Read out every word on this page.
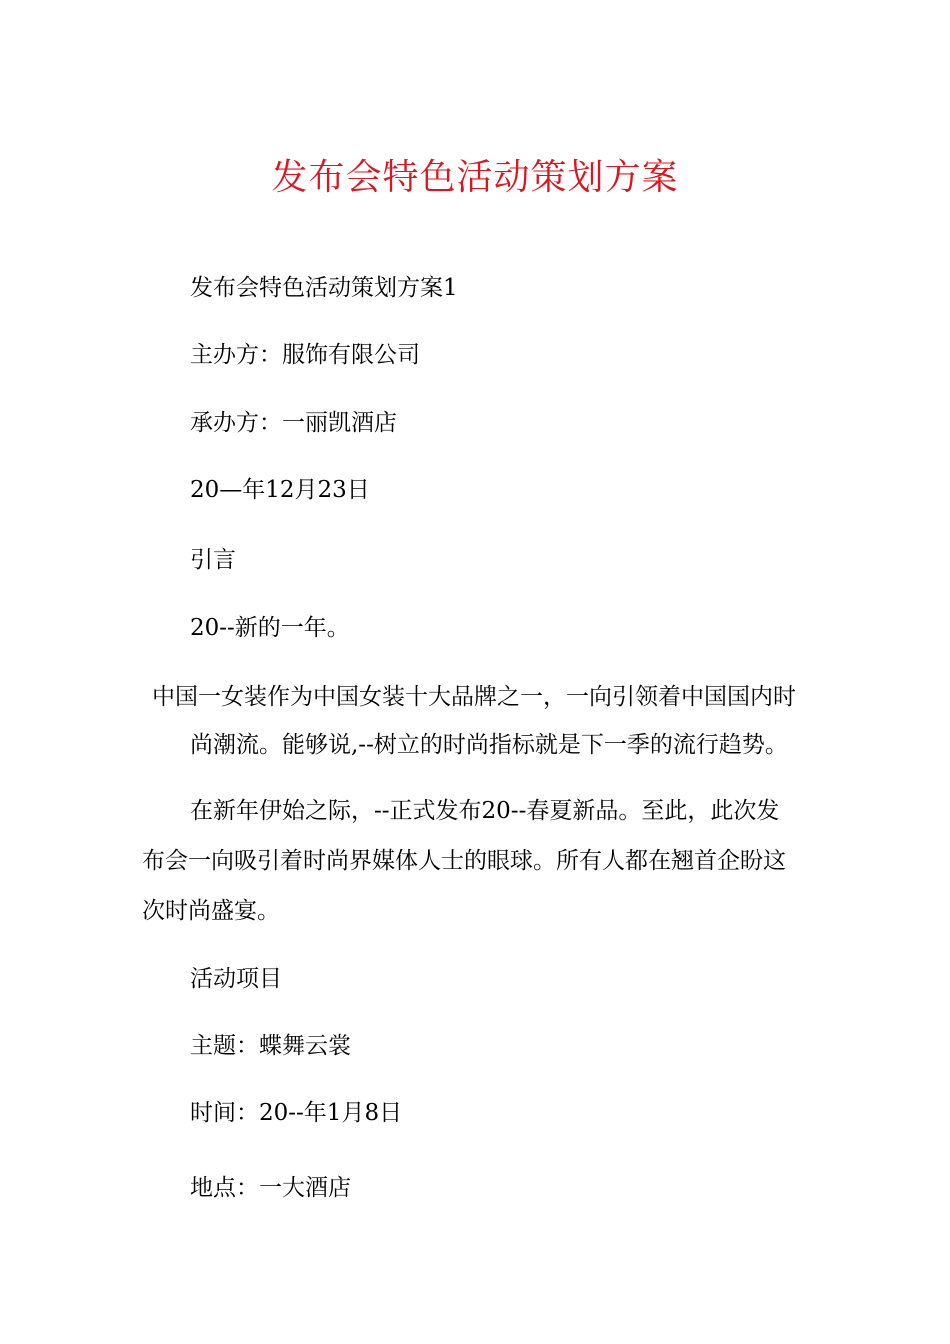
发布会特色活动策划方案
发布会特色活动策划方案1
主办方：服饰有限公司
承办方：一丽凯酒店
20—年12月23日
引言
20--新的一年。
中国一女装作为中国女装十大品牌之一，一向引领着中国国内时
尚潮流。能够说,--树立的时尚指标就是下一季的流行趋势。
在新年伊始之际，--正式发布20--春夏新品。至此，此次发
布会一向吸引着时尚界媒体人士的眼球。所有人都在翘首企盼这
次时尚盛宴。
活动项目
主题：蝶舞云裳
时间：20--年1月8日
地点：一大酒店
